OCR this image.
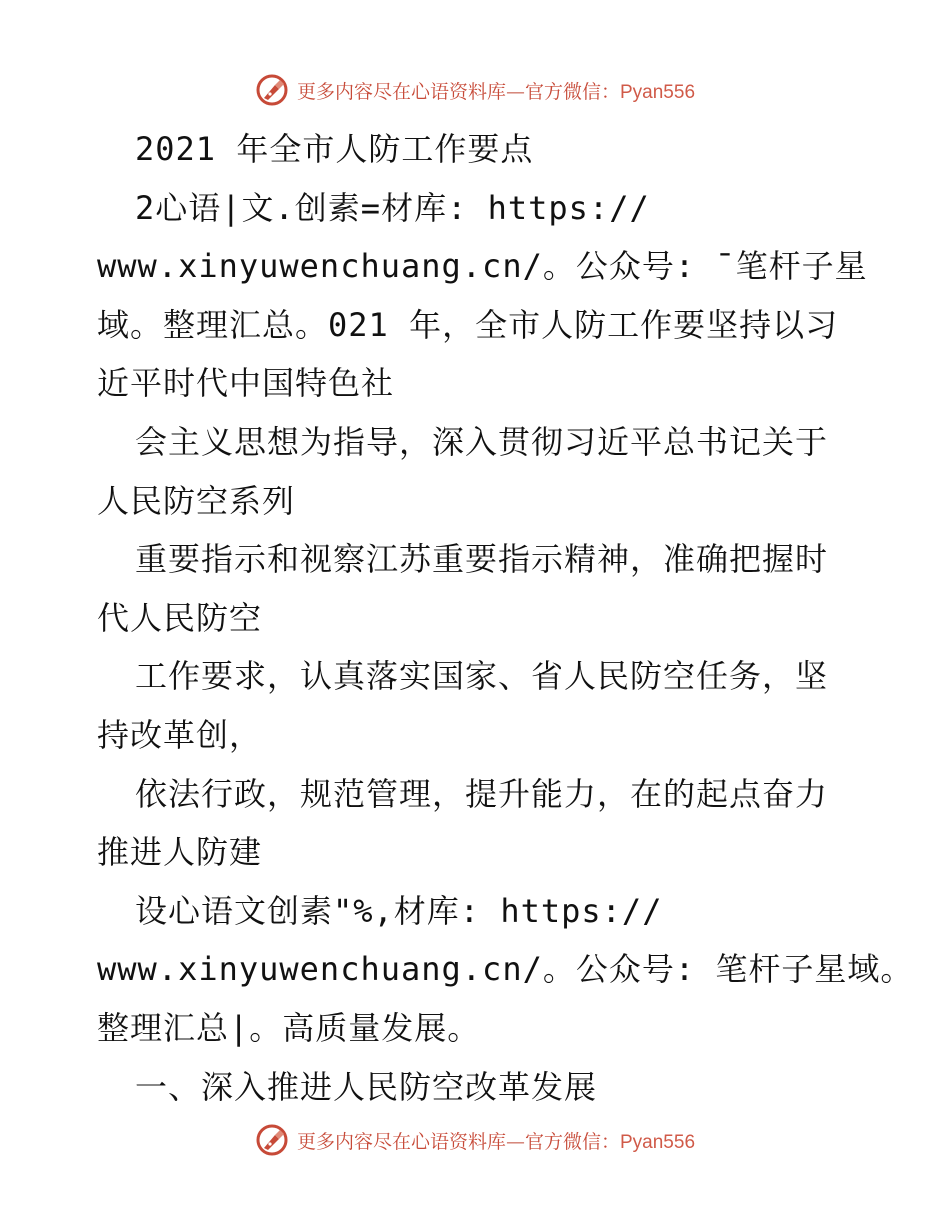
更多内容尽在心语资料库—官方微信：Pyan556
2021 年全市人防工作要点
2心语|文.创素=材库: https://
www.xinyuwenchuang.cn/。公众号: ¯笔杆子星
域。整理汇总。021 年，全市人防工作要坚持以习
近平时代中国特色社
会主义思想为指导，深入贯彻习近平总书记关于
人民防空系列
重要指示和视察江苏重要指示精神，准确把握时
代人民防空
工作要求，认真落实国家、省人民防空任务，坚
持改革创，
依法行政，规范管理，提升能力，在的起点奋力
推进人防建
设心语文创素"%,材库: https://
www.xinyuwenchuang.cn/。公众号: 笔杆子星域。
整理汇总|。高质量发展。
一、深入推进人民防空改革发展
更多内容尽在心语资料库—官方微信：Pyan556
